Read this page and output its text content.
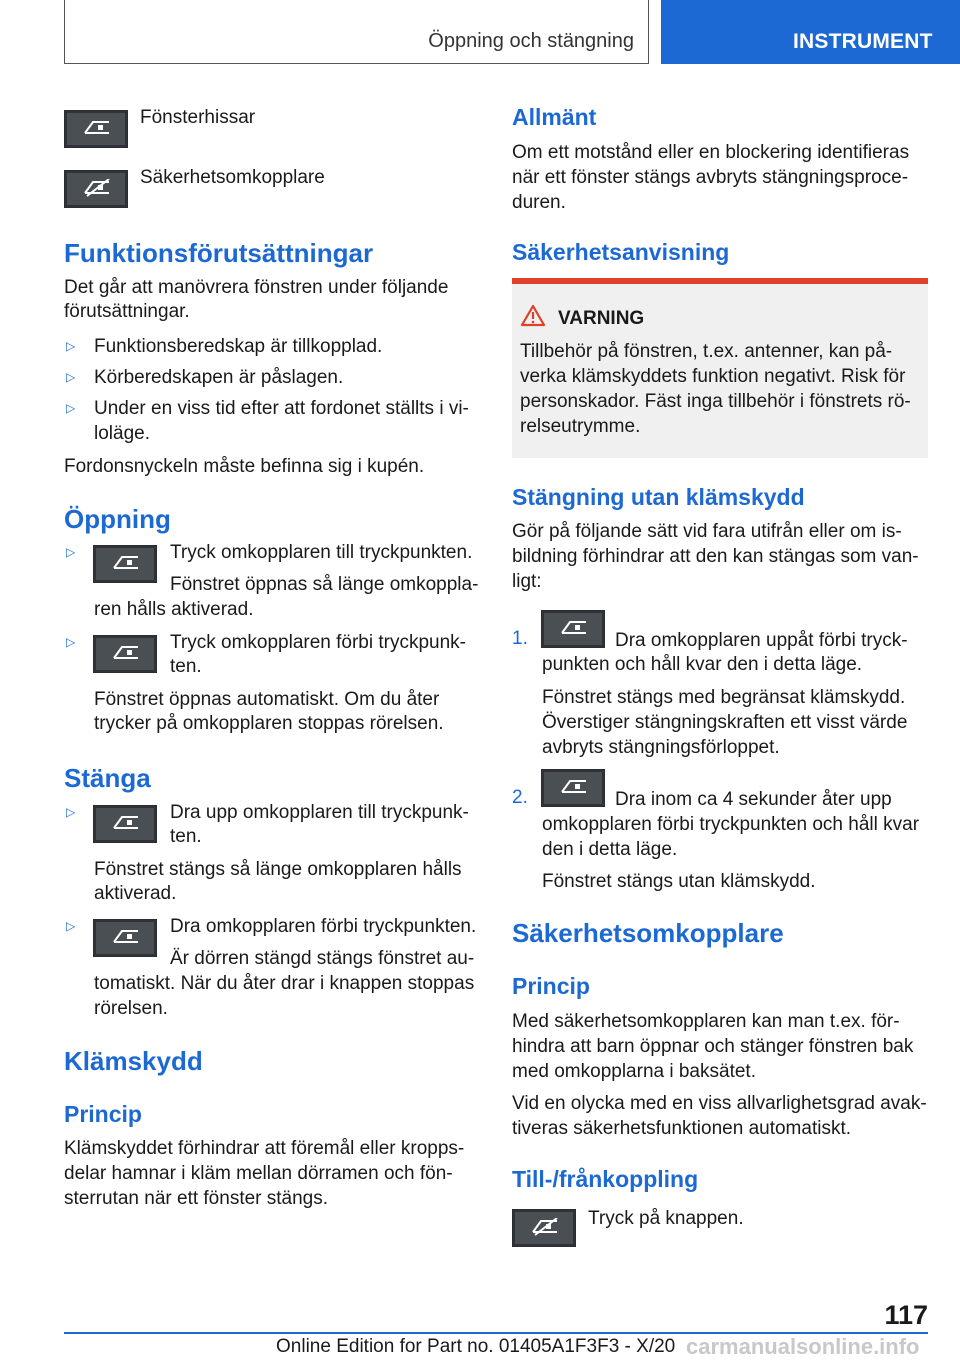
Öppning och stängning	INSTRUMENT
Fönsterhissar
Säkerhetsomkopplare
Funktionsförutsättningar
Det går att manövrera fönstren under följande
förutsättningar.
▷ Funktionsberedskap är tillkopplad.
▷ Körberedskapen är påslagen.
▷ Under en viss tid efter att fordonet ställts i vi-
loläge.
Fordonsnyckeln måste befinna sig i kupén.
Öppning
▷	Tryck omkopplaren till tryckpunkten.
Fönstret öppnas så länge omkoppla-
ren hålls aktiverad.
▷	Tryck omkopplaren förbi tryckpunk-
ten.
Fönstret öppnas automatiskt. Om du åter
trycker på omkopplaren stoppas rörelsen.
Stänga
▷	Dra upp omkopplaren till tryckpunk-
ten.
Fönstret stängs så länge omkopplaren hålls
aktiverad.
▷	Dra omkopplaren förbi tryckpunkten.
Är dörren stängd stängs fönstret au-
tomatiskt. När du åter drar i knappen stoppas
rörelsen.
Klämskydd
Princip
Klämskyddet förhindrar att föremål eller kropps-
delar hamnar i kläm mellan dörramen och fön-
sterrutan när ett fönster stängs.
Allmänt
Om ett motstånd eller en blockering identifieras
när ett fönster stängs avbryts stängningsproce-
duren.
Säkerhetsanvisning
VARNING
Tillbehör på fönstren, t.ex. antenner, kan på-
verka klämskyddets funktion negativt. Risk för
personskador. Fäst inga tillbehör i fönstrets rö-
relseutrymme.
Stängning utan klämskydd
Gör på följande sätt vid fara utifrån eller om is-
bildning förhindrar att den kan stängas som van-
ligt:
1.	Dra omkopplaren uppåt förbi tryck-
punkten och håll kvar den i detta läge.
Fönstret stängs med begränsat klämskydd.
Överstiger stängningskraften ett visst värde
avbryts stängningsförloppet.
2.	Dra inom ca 4 sekunder åter upp
omkopplaren förbi tryckpunkten och håll kvar
den i detta läge.
Fönstret stängs utan klämskydd.
Säkerhetsomkopplare
Princip
Med säkerhetsomkopplaren kan man t.ex. för-
hindra att barn öppnar och stänger fönstren bak
med omkopplarna i baksätet.
Vid en olycka med en viss allvarlighetsgrad avak-
tiveras säkerhetsfunktionen automatiskt.
Till-/frånkoppling
Tryck på knappen.
117
Online Edition for Part no. 01405A1F3F3 - X/20 carmanualsonline.info
